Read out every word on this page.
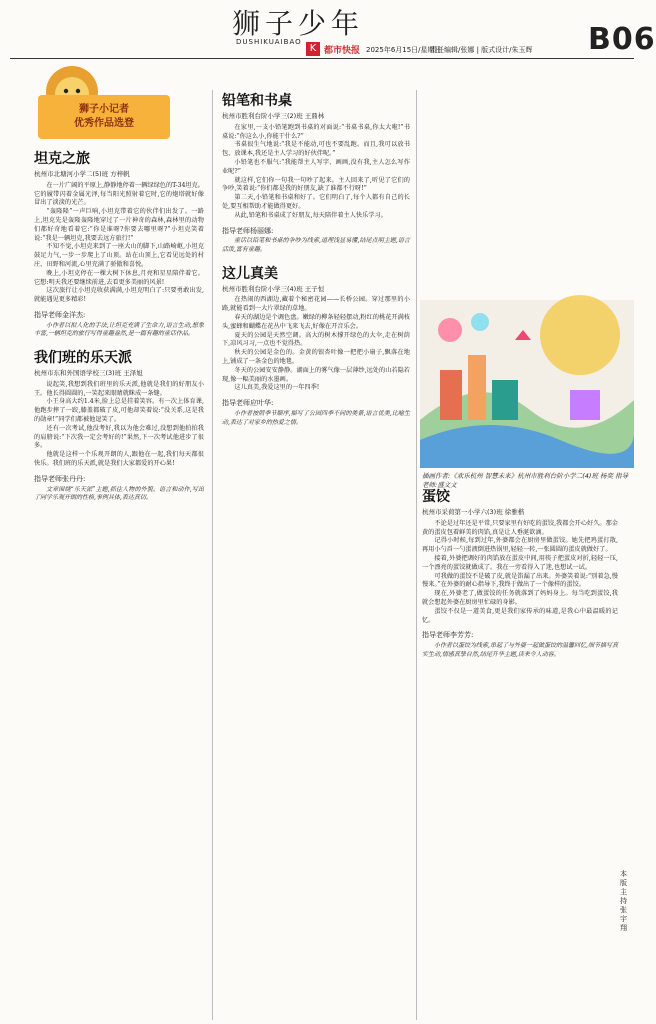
狮子少年
DUSHIKUAIBAO
K 都市快报 2025年6月15日/星期日
责任编辑/张娜 | 版式设计/朱玉辉 B06
狮子小记者
优秀作品选登
坦克之旅
杭州市北塘河小学二(5)班 方梓帆

在一片广阔的平原上,静静地停着一辆绿绿色的T-34坦克。它的履带闪着金属光泽,每当阳光照射着它时,它的炮塔就好像冒出了淡淡的光芒。

“轰隆隆”一声巨响,小坦克带着它的伙伴们出发了。一路上,坦克先是轰隆轰隆地穿过了一片神奇的森林,森林里的动物们都好奇地看着它:“你是谁呀?你要去哪里呀?”小坦克笑着说:“我是一辆坦克,我要去远方旅行!”

不知不觉,小坦克来到了一座大山的脚下,山路崎岖,小坦克鼓足力气,一步一步爬上了山顶。站在山顶上,它看见远处的村庄、田野和河流,心里充满了骄傲和喜悦。

晚上,小坦克停在一棵大树下休息,月亮和星星陪伴着它。它想:明天我还要继续前进,去看更多美丽的风景!

这次旅行让小坦克收获满满,小坦克明白了:只要勇敢出发,就能遇见更多精彩!

指导老师金洋杰:

小作者以拟人化的手法,让坦克充满了生命力,语言生动,想象丰富,一辆坦克的旅行写得童趣盎然,是一篇有趣的童话作品。

我们班的乐天派
杭州市东和外国语学校三(3)班 王泽旭

说起笑,我想到我们班里的乐天派,他就是我们的好朋友小王。他长得圆圆的,一笑起来眼睛就眯成一条缝。

小王身高大约1.4米,脸上总是挂着笑容。有一次上体育课,他跑步摔了一跤,膝盖都破了皮,可他却笑着说:“没关系,这是我的勋章!”同学们都被他逗笑了。

还有一次考试,他没考好,我以为他会难过,没想到他拍拍我的肩膀说:“下次我一定会考好的!”果然,下一次考试他进步了很多。

他就是这样一个乐观开朗的人,跟他在一起,我们每天都很快乐。我们班的乐天派,就是我们大家都爱的开心果!

指导老师张丹丹:

文章围绕“乐天派”主题,抓住人物的外貌、语言和动作,写出了同学乐观开朗的性格,事例具体,表达真切。

铅笔和书桌
杭州市胜利台阶小学三(2)班 王鼎林

在家里,一支小铅笔跑到书桌的对面说:“书桌书桌,你太大啦!”书桌说:“你这么小,你能干什么?”

书桌很生气地说:“我是不能动,可也不要乱跑。而且,我可以放书包、放课本,我还是主人学习的好伙伴呢。”

小铅笔也不服气:“我能帮主人写字、画画,没有我,主人怎么写作业呢?”

就这样,它们你一句我一句吵了起来。主人回来了,听见了它们的争吵,笑着说:“你们都是我的好朋友,缺了谁都不行呀!”

第二天,小铅笔和书桌和好了。它们明白了,每个人都有自己的长处,要互相帮助才能做得更好。

从此,铅笔和书桌成了好朋友,每天陪伴着主人快乐学习。

指导老师杨丽娜:

童话以铅笔和书桌的争吵为线索,道理浅显易懂,结尾点明主题,语言活泼,富有童趣。

这儿真美
杭州市胜利台阶小学三(4)班 王子恒

在热闹的西湖边,藏着个秘密花园——长桥公园。穿过那里的小路,就能看到一大片翠绿的草地。

春天的湖边是个调色盘。嫩绿的柳条轻轻摆动,粉红的桃花开满枝头,蜜蜂和蝴蝶在花丛中飞来飞去,好像在开音乐会。

夏天的公园是天然空调。高大的树木撑开绿色的大伞,走在树荫下,凉风习习,一点也不觉得热。

秋天的公园是金色的。金黄的银杏叶像一把把小扇子,飘落在地上,铺成了一条金色的地毯。

冬天的公园安安静静。湖面上的雾气像一层薄纱,远处的山若隐若现,像一幅美丽的水墨画。

这儿真美,我爱这里的一年四季!

指导老师应叶华:

小作者按照季节顺序,描写了公园四季不同的美景,语言优美,比喻生动,表达了对家乡的热爱之情。

插画作者:《欢乐杭州 智慧未来》杭州市胜利台阶小学二(4)班 杨奕 指导老师:盛文文
蛋饺
杭州市采荷第一小学六(3)班 徐雅楷

不论是过年还是平常,只要家里有好吃的蛋饺,我都会开心好久。那金黄的蛋皮包着鲜美的肉馅,真是让人垂涎欲滴。

记得小时候,每到过年,外婆都会在厨房里做蛋饺。她先把鸡蛋打散,再用小勺舀一勺蛋液倒进热锅里,轻轻一转,一张圆圆的蛋皮就做好了。

接着,外婆把调好的肉馅放在蛋皮中间,用筷子把蛋皮对折,轻轻一压,一个漂亮的蛋饺就做成了。我在一旁看得入了迷,也想试一试。

可我做的蛋饺不是破了皮,就是馅漏了出来。外婆笑着说:“别着急,慢慢来。”在外婆的耐心指导下,我终于做出了一个像样的蛋饺。

现在,外婆老了,做蛋饺的任务就落到了妈妈身上。每当吃到蛋饺,我就会想起外婆在厨房里忙碌的身影。

蛋饺不仅是一道美食,更是我们家传承的味道,是我心中最温暖的记忆。

指导老师李芳芳:

小作者以蛋饺为线索,串起了与外婆一起做蛋饺的温馨回忆,细节描写真实生动,情感真挚自然,结尾升华主题,读来令人动容。

本版主持 张宇翔
